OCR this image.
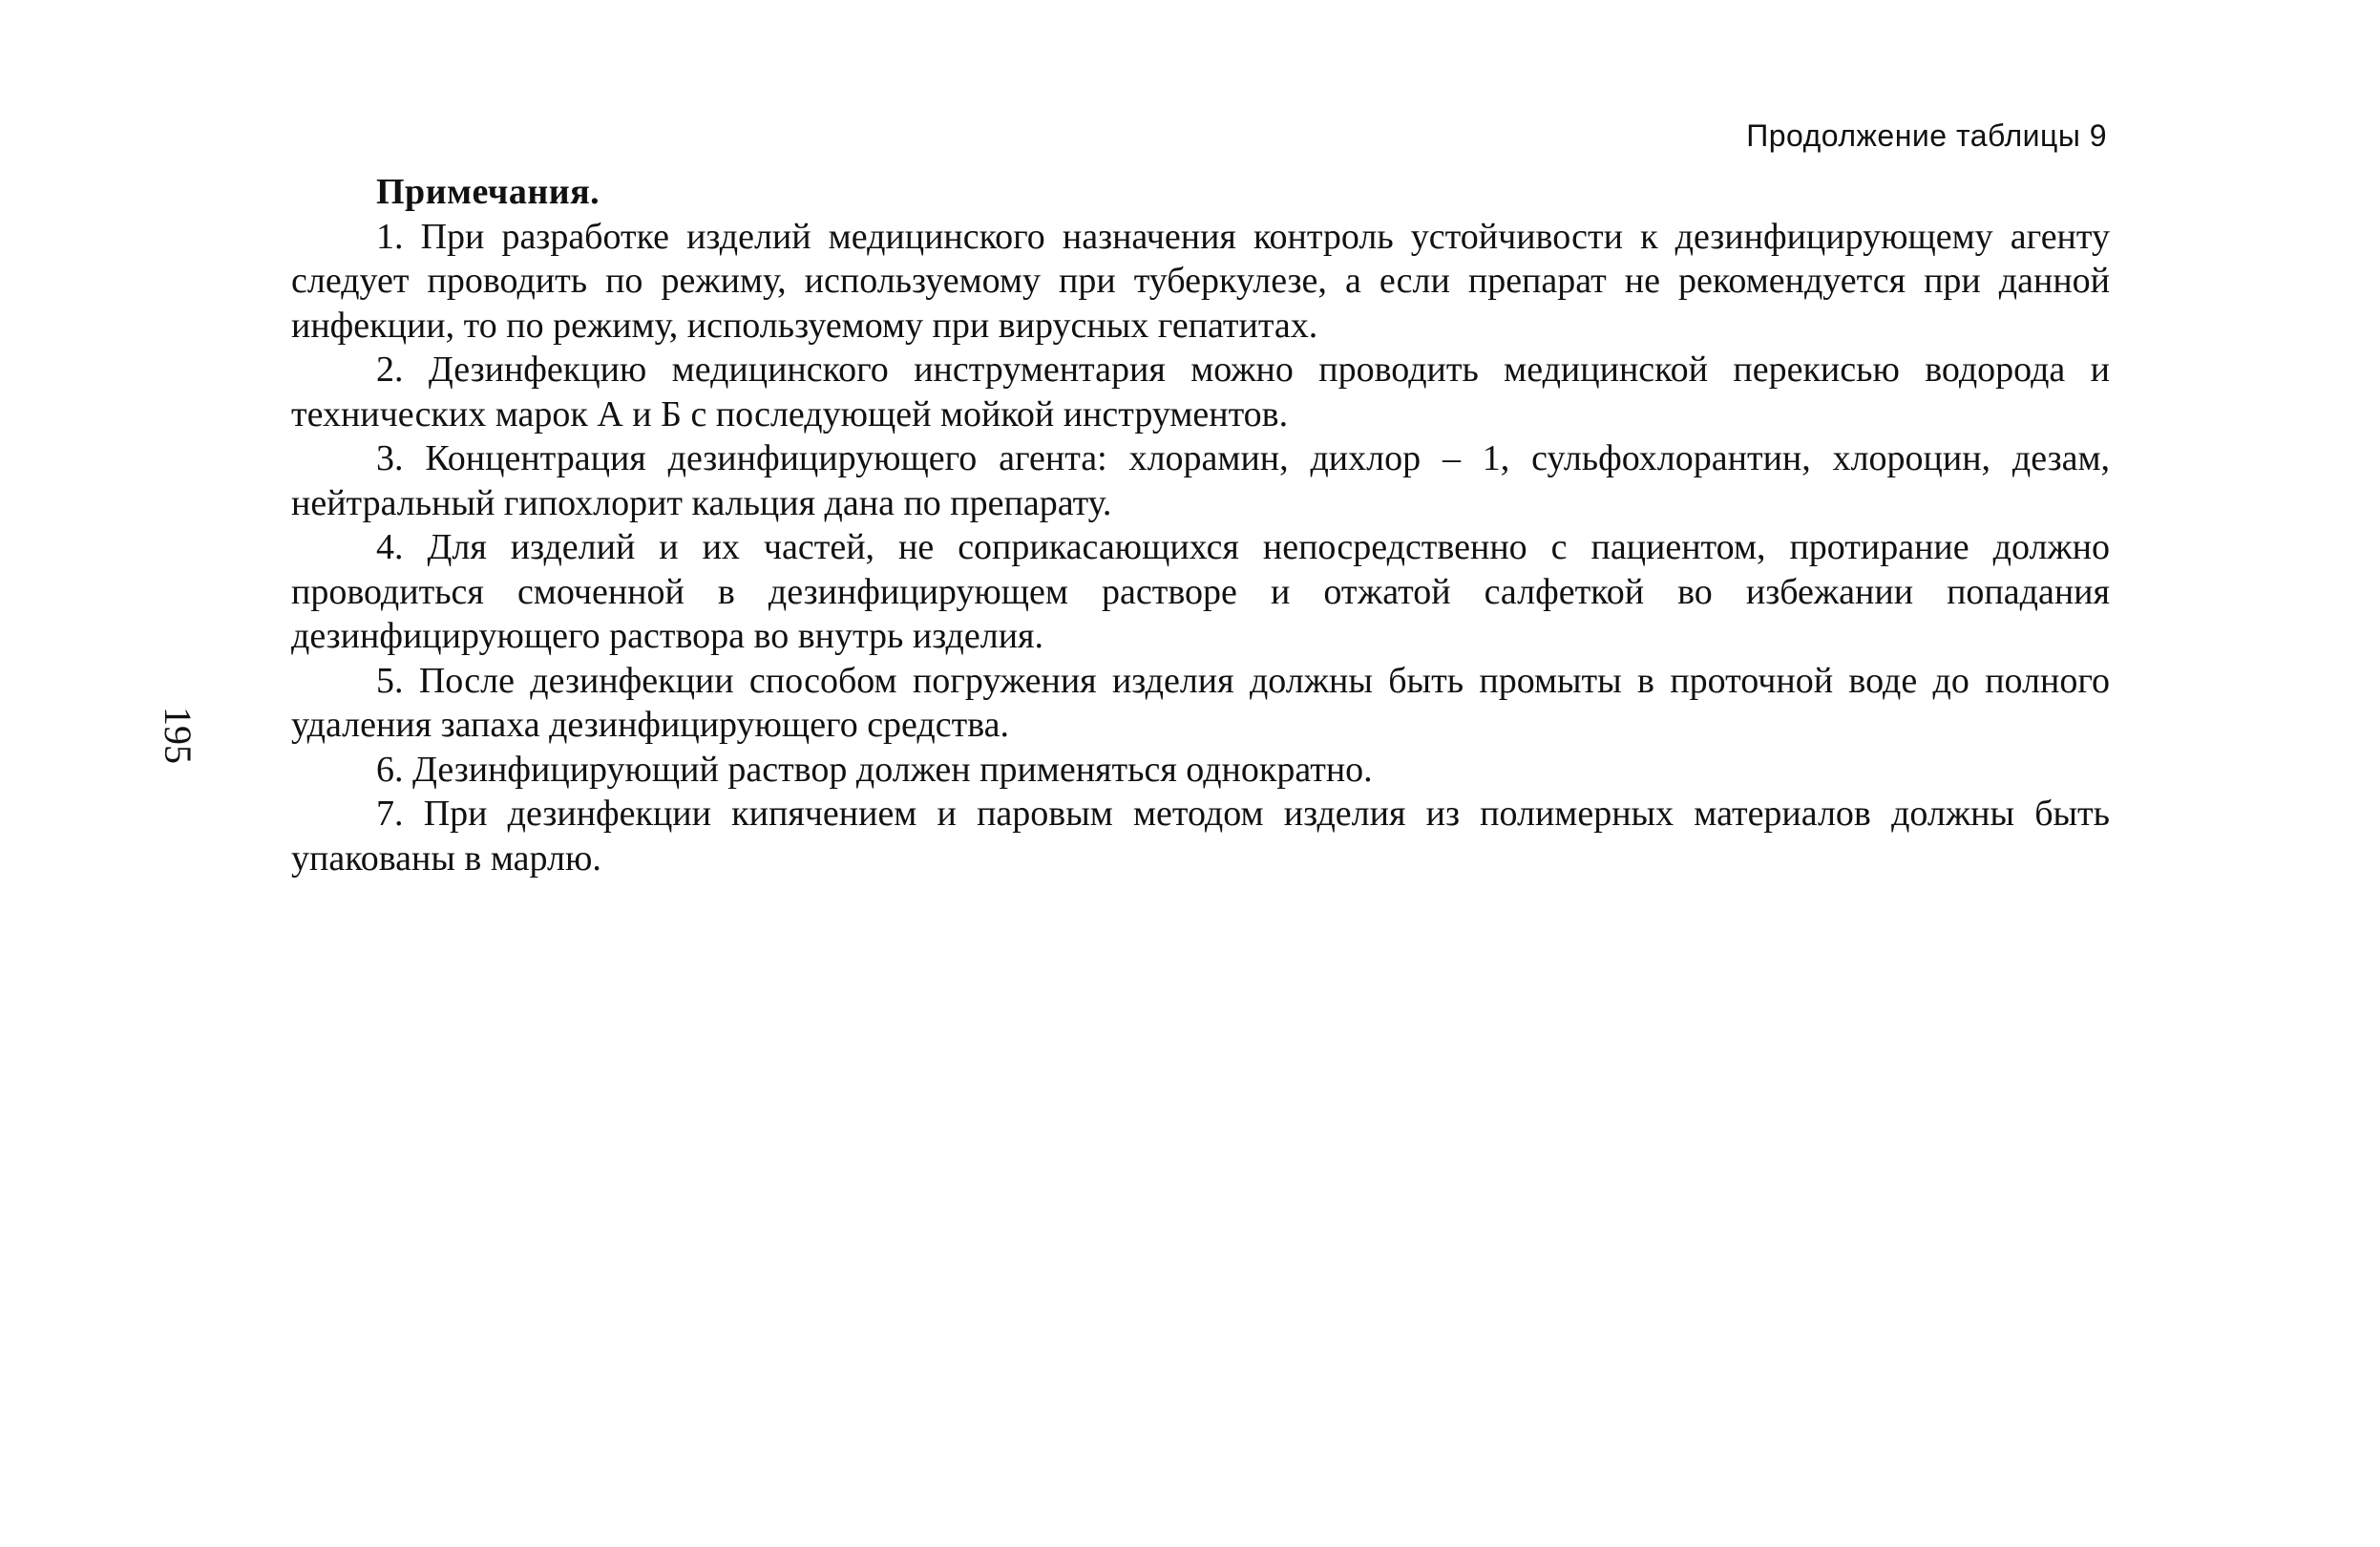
Продолжение таблицы 9
195

Примечания.

1. При разработке изделий медицинского назначения контроль устойчивости к дезинфицирующему агенту следует проводить по режиму, используемому при туберкулезе, а если препарат не рекомендуется при данной инфекции, то по режиму, используемому при вирусных гепатитах.

2. Дезинфекцию медицинского инструментария можно проводить медицинской перекисью водорода и технических марок А и Б с последующей мойкой инструментов.

3. Концентрация дезинфицирующего агента: хлорамин, дихлор – 1, сульфохлорантин, хлороцин, дезам, нейтральный гипохлорит кальция дана по препарату.

4. Для изделий и их частей, не соприкасающихся непосредственно с пациентом, протирание должно проводиться смоченной в дезинфицирующем растворе и отжатой салфеткой во избежании попадания дезинфицирующего раствора во внутрь изделия.

5. После дезинфекции способом погружения изделия должны быть промыты в проточной воде до полного удаления запаха дезинфицирующего средства.

6. Дезинфицирующий раствор должен применяться однократно.

7. При дезинфекции кипячением и паровым методом изделия из полимерных материалов должны быть упакованы в марлю.
